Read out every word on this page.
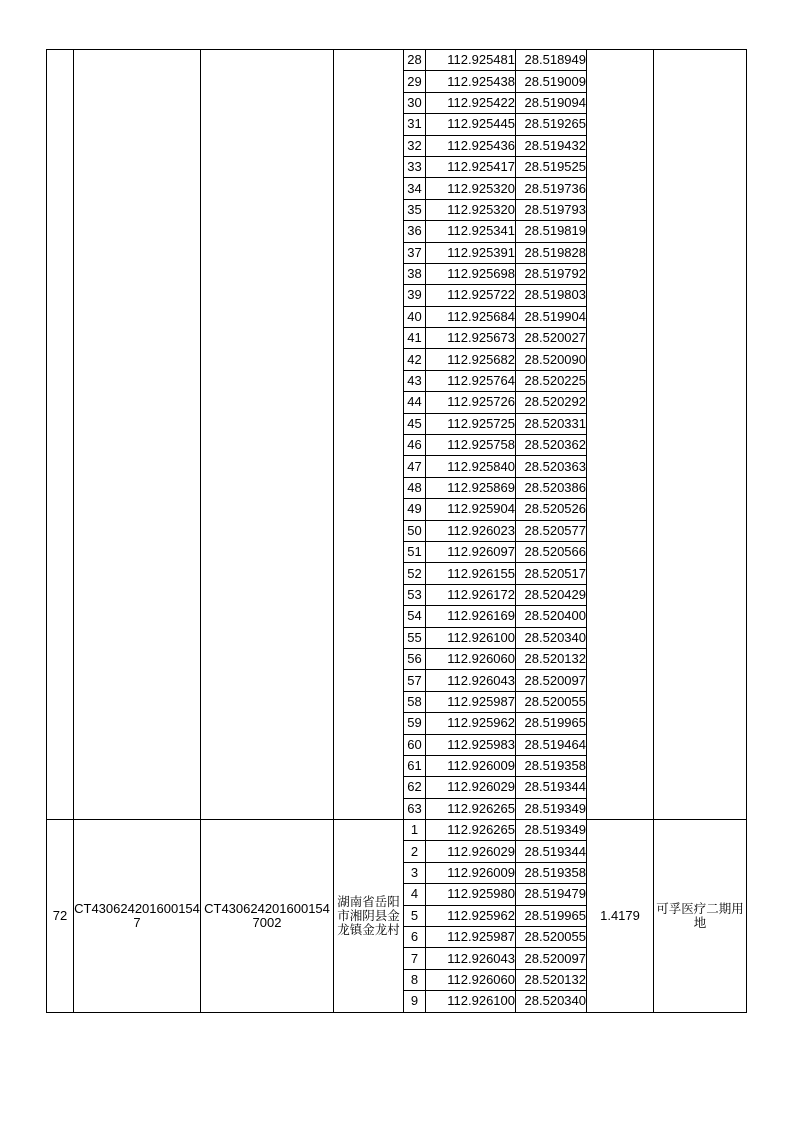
				28	112.925481	28.518949		
				29	112.925438	28.519009		
				30	112.925422	28.519094		
				31	112.925445	28.519265		
				32	112.925436	28.519432		
				33	112.925417	28.519525		
				34	112.925320	28.519736		
				35	112.925320	28.519793		
				36	112.925341	28.519819		
				37	112.925391	28.519828		
				38	112.925698	28.519792		
				39	112.925722	28.519803		
				40	112.925684	28.519904		
				41	112.925673	28.520027		
				42	112.925682	28.520090		
				43	112.925764	28.520225		
				44	112.925726	28.520292		
				45	112.925725	28.520331		
				46	112.925758	28.520362		
				47	112.925840	28.520363		
				48	112.925869	28.520386		
				49	112.925904	28.520526		
				50	112.926023	28.520577		
				51	112.926097	28.520566		
				52	112.926155	28.520517		
				53	112.926172	28.520429		
				54	112.926169	28.520400		
				55	112.926100	28.520340		
				56	112.926060	28.520132		
				57	112.926043	28.520097		
				58	112.925987	28.520055		
				59	112.925962	28.519965		
				60	112.925983	28.519464		
				61	112.926009	28.519358		
				62	112.926029	28.519344		
				63	112.926265	28.519349		
72	CT4306242016001547	CT4306242016001547002	湖南省岳阳市湘阴县金龙镇金龙村	1	112.926265	28.519349	1.4179	可孚医疗二期用地
				2	112.926029	28.519344		
				3	112.926009	28.519358		
				4	112.925980	28.519479		
				5	112.925962	28.519965		
				6	112.925987	28.520055		
				7	112.926043	28.520097		
				8	112.926060	28.520132		
				9	112.926100	28.520340		
